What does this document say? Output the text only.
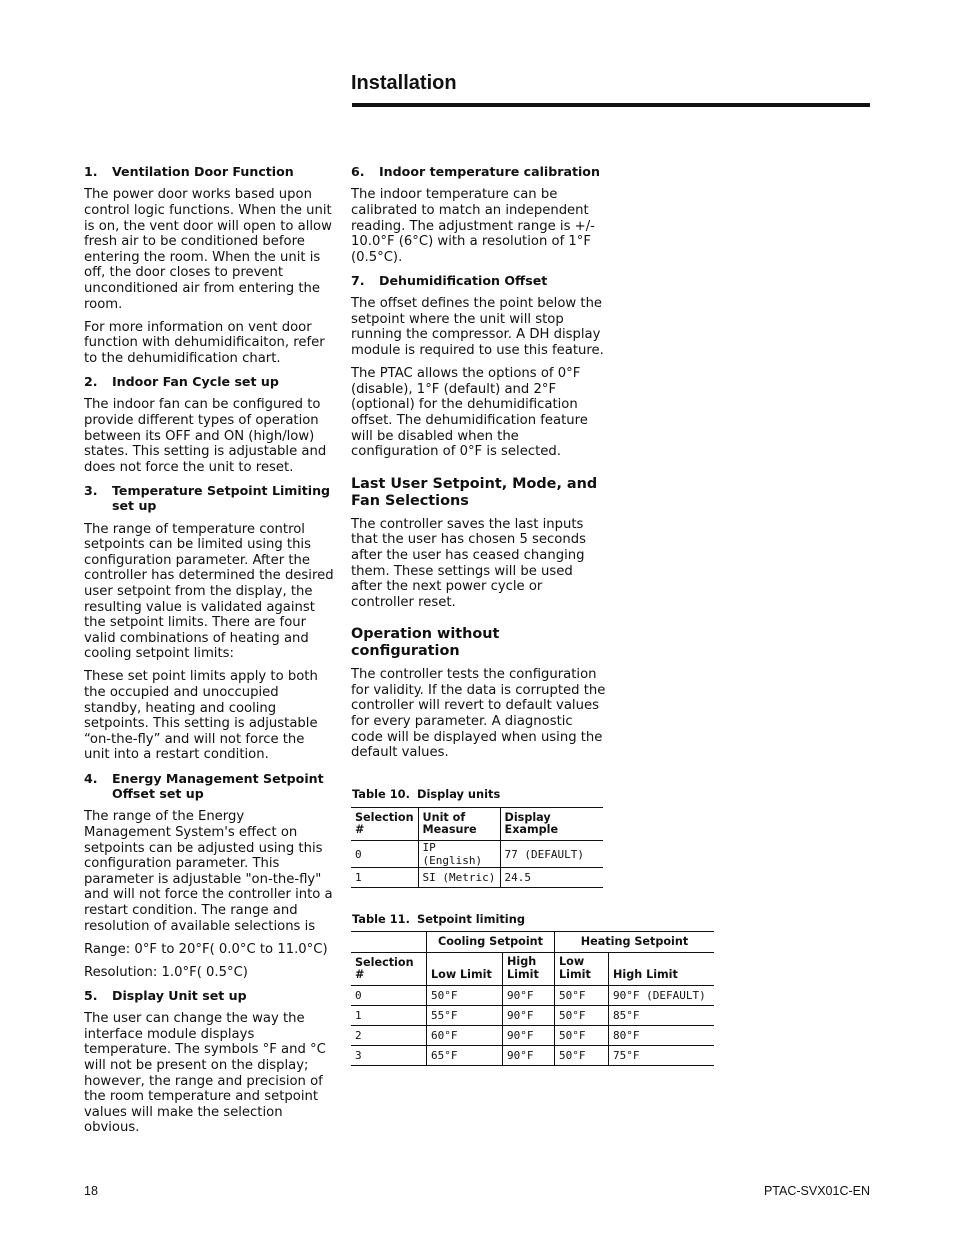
Installation
1.	Ventilation Door Function

The power door works based upon control logic functions. When the unit is on, the vent door will open to allow fresh air to be conditioned before entering the room. When the unit is off, the door closes to prevent unconditioned air from entering the room.

For more information on vent door function with dehumidificaiton, refer to the dehumidification chart.

2.	Indoor Fan Cycle set up

The indoor fan can be configured to provide different types of operation between its OFF and ON (high/low) states. This setting is adjustable and does not force the unit to reset.

3.	Temperature Setpoint Limiting set up

The range of temperature control setpoints can be limited using this configuration parameter. After the controller has determined the desired user setpoint from the display, the resulting value is validated against the setpoint limits. There are four valid combinations of heating and cooling setpoint limits:

These set point limits apply to both the occupied and unoccupied standby, heating and cooling setpoints. This setting is adjustable “on-the-fly” and will not force the unit into a restart condition.

4.	Energy Management Setpoint Offset set up

The range of the Energy Management System's effect on setpoints can be adjusted using this configuration parameter. This parameter is adjustable "on-the-fly" and will not force the controller into a restart condition. The range and resolution of available selections is

Range: 0°F to 20°F( 0.0°C to 11.0°C)

Resolution: 1.0°F( 0.5°C)

5.	Display Unit set up

The user can change the way the interface module displays temperature. The symbols °F and °C will not be present on the display; however, the range and precision of the room temperature and setpoint values will make the selection obvious.

6.	Indoor temperature calibration

The indoor temperature can be calibrated to match an independent reading. The adjustment range is +/- 10.0°F (6°C) with a resolution of 1°F (0.5°C).

7.	Dehumidification Offset

The offset defines the point below the setpoint where the unit will stop running the compressor. A DH display module is required to use this feature.

The PTAC allows the options of 0°F (disable), 1°F (default) and 2°F (optional) for the dehumidification offset. The dehumidification feature will be disabled when the configuration of 0°F is selected.

Last User Setpoint, Mode, and Fan Selections

The controller saves the last inputs that the user has chosen 5 seconds after the user has ceased changing them. These settings will be used after the next power cycle or controller reset.

Operation without configuration

The controller tests the configuration for validity. If the data is corrupted the controller will revert to default values for every parameter. A diagnostic code will be displayed when using the default values.

Table 10. Display units
Selection #	Unit of Measure	Display Example
0	IP (English)	77 (DEFAULT)
1	SI (Metric)	24.5
Table 11. Setpoint limiting
	Cooling Setpoint		Heating Setpoint	
Selection #	Low Limit	High Limit	Low Limit	High Limit
0	50°F	90°F	50°F	90°F (DEFAULT)
1	55°F	90°F	50°F	85°F
2	60°F	90°F	50°F	80°F
3	65°F	90°F	50°F	75°F
18	PTAC-SVX01C-EN
